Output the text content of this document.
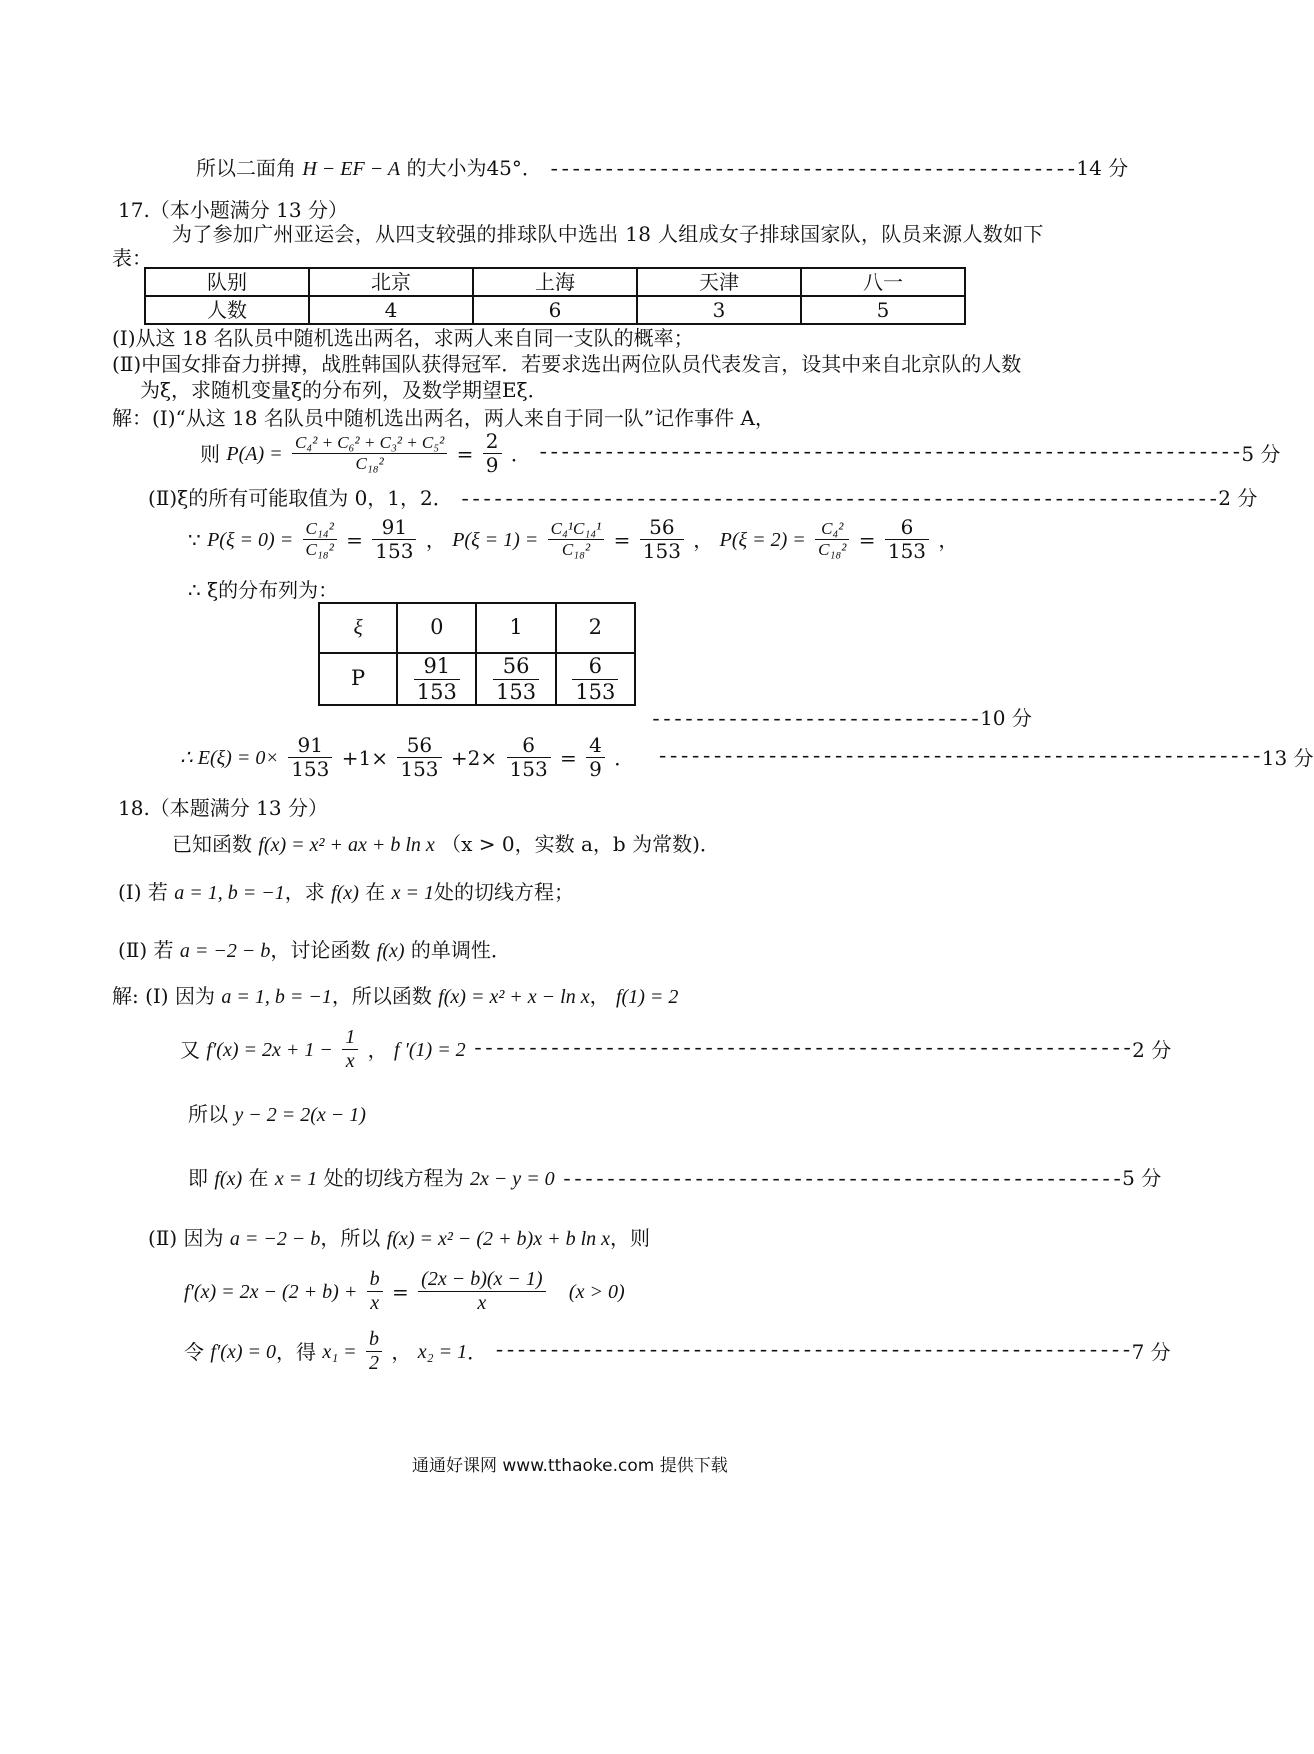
所以二面角 H − EF − A 的大小为45°． ------------------------------------------------14 分
17.（本小题满分 13 分）
为了参加广州亚运会，从四支较强的排球队中选出 18 人组成女子排球国家队，队员来源人数如下
表：
队别	北京	上海	天津	八一
人数	4	6	3	5
(Ⅰ)从这 18 名队员中随机选出两名，求两人来自同一支队的概率；
(Ⅱ)中国女排奋力拼搏，战胜韩国队获得冠军．若要求选出两位队员代表发言，设其中来自北京队的人数
为ξ，求随机变量ξ的分布列，及数学期望Eξ．
解：(Ⅰ)“从这 18 名队员中随机选出两名，两人来自于同一队”记作事件 A，
则 $P(A) = \frac{\text{C₄² + C₆² + C₃² + C₅²}}{\text{C₁₈²}} = \frac{2}{9}$ ． ----------------------------------------------------------------5 分
(Ⅱ)ξ的所有可能取值为 0，1，2． ---------------------------------------------------------------------2 分
∵ $P(\xi = 0) = \frac{\text{C₁₄²}}{\text{C₁₈²}} = \frac{91}{153}$ ， $P(\xi = 1) = \frac{\text{C₄¹C₁₄¹}}{\text{C₁₈²}} = \frac{56}{153}$ ， $P(\xi = 2) = \frac{\text{C₄²}}{\text{C₁₈²}} = \frac{6}{153}$ ，
∴ ξ的分布列为：
ξ	0	1	2
P	$\frac{91}{153}$	$\frac{56}{153}$	$\frac{6}{153}$
------------------------------10 分
∴ $E(\xi) = 0\times \frac{91}{153} +1\times \frac{56}{153} +2\times \frac{6}{153} = \frac{4}{9}$ ． -------------------------------------------------------13 分
18.（本题满分 13 分）
已知函数 f(x) = x² + ax + b ln x （x > 0，实数 a，b 为常数)．
(Ⅰ) 若 a = 1, b = −1，求 f(x) 在 x = 1处的切线方程；
(Ⅱ) 若 a = −2 − b，讨论函数 f(x) 的单调性．
解: (Ⅰ) 因为 a = 1, b = −1，所以函数 f(x) = x² + x − ln x， f(1) = 2
又 $f'(x) = 2x + 1 - \frac{1}{x}$ ， f ′(1) = 2 ------------------------------------------------------------2 分
所以 y − 2 = 2(x − 1)
即 f(x) 在 x = 1 处的切线方程为 2x − y = 0 ---------------------------------------------------5 分
(Ⅱ) 因为 a = −2 − b，所以 f(x) = x² − (2 + b)x + b ln x，则
$f'(x) = 2x - (2 + b) + \frac{b}{x} = \frac{(2x - b)(x - 1)}{x} (x > 0)$
令 f′(x) = 0，得 $x_1 = \frac{b}{2}$ ， x₂ = 1． ----------------------------------------------------------7 分
通通好课网 www.tthaoke.com 提供下载
